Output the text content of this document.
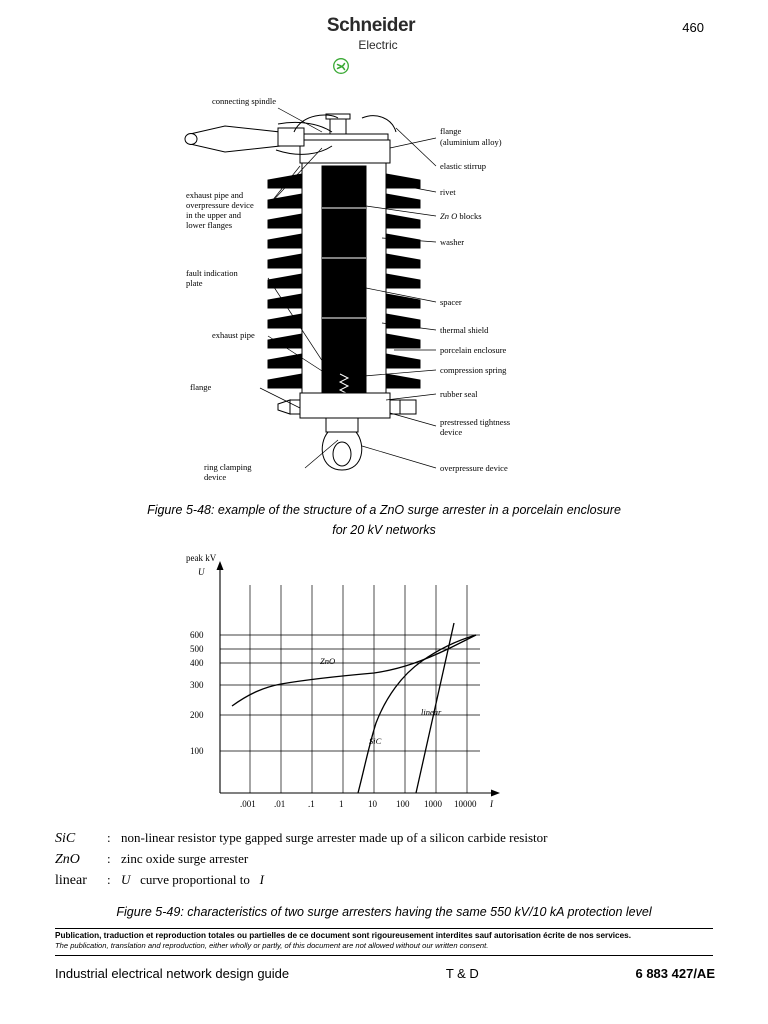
Schneider
Electric
460
connecting spindle
exhaust pipe and
overpressure device
in the upper and
lower flanges
fault indication
plate
exhaust pipe
flange
ring clamping
device
flange
(aluminium alloy)
elastic stirrup
rivet
Zn O blocks
washer
spacer
thermal shield
porcelain enclosure
compression spring
rubber seal
prestressed tightness
device
overpressure device
Figure 5-48: example of the structure of a ZnO surge arrester in a porcelain enclosure
for 20 kV networks
peak kV
U
600
500
400
300
200
100
.001 .01	.1	1	10 100 1000 10000 I
ZnO
SiC
linear
SiC	: non-linear resistor type gapped surge arrester made up of a silicon carbide resistor
ZnO	: zinc oxide surge arrester
linear	: U curve proportional to I
Figure 5-49: characteristics of two surge arresters having the same 550 kV/10 kA protection level
Publication, traduction et reproduction totales ou partielles de ce document sont rigoureusement interdites sauf autorisation écrite de nos services.
The publication, translation and reproduction, either wholly or partly, of this document are not allowed without our written consent.
Industrial electrical network design guide	T & D	6 883 427/AE
